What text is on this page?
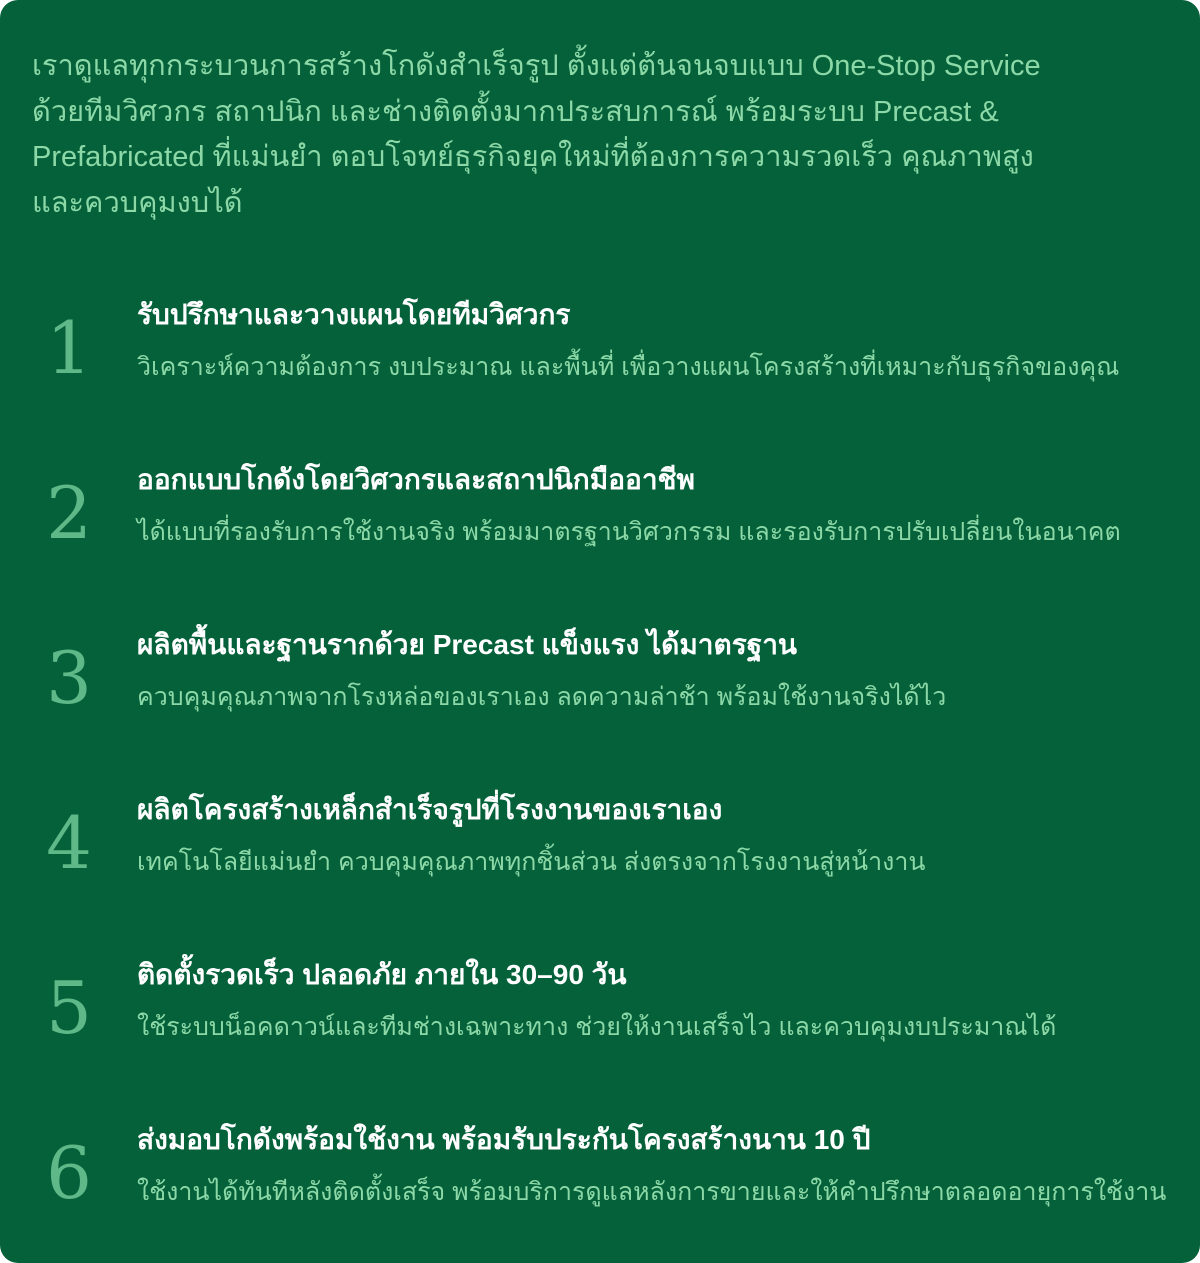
เราดูแลทุกกระบวนการสร้างโกดังสำเร็จรูป ตั้งแต่ต้นจนจบแบบ One-Stop Service
ด้วยทีมวิศวกร สถาปนิก และช่างติดตั้งมากประสบการณ์ พร้อมระบบ Precast &
Prefabricated ที่แม่นยำ ตอบโจทย์ธุรกิจยุคใหม่ที่ต้องการความรวดเร็ว คุณภาพสูง
และควบคุมงบได้

1 รับปรึกษาและวางแผนโดยทีมวิศวกร

วิเคราะห์ความต้องการ งบประมาณ และพื้นที่ เพื่อวางแผนโครงสร้างที่เหมาะกับธุรกิจของคุณ

2 ออกแบบโกดังโดยวิศวกรและสถาปนิกมืออาชีพ

ได้แบบที่รองรับการใช้งานจริง พร้อมมาตรฐานวิศวกรรม และรองรับการปรับเปลี่ยนในอนาคต

3 ผลิตพื้นและฐานรากด้วย Precast แข็งแรง ได้มาตรฐาน

ควบคุมคุณภาพจากโรงหล่อของเราเอง ลดความล่าช้า พร้อมใช้งานจริงได้ไว

4 ผลิตโครงสร้างเหล็กสำเร็จรูปที่โรงงานของเราเอง

เทคโนโลยีแม่นยำ ควบคุมคุณภาพทุกชิ้นส่วน ส่งตรงจากโรงงานสู่หน้างาน

5 ติดตั้งรวดเร็ว ปลอดภัย ภายใน 30–90 วัน

ใช้ระบบน็อคดาวน์และทีมช่างเฉพาะทาง ช่วยให้งานเสร็จไว และควบคุมงบประมาณได้

6 ส่งมอบโกดังพร้อมใช้งาน พร้อมรับประกันโครงสร้างนาน 10 ปี

ใช้งานได้ทันทีหลังติดตั้งเสร็จ พร้อมบริการดูแลหลังการขายและให้คำปรึกษาตลอดอายุการใช้งาน
